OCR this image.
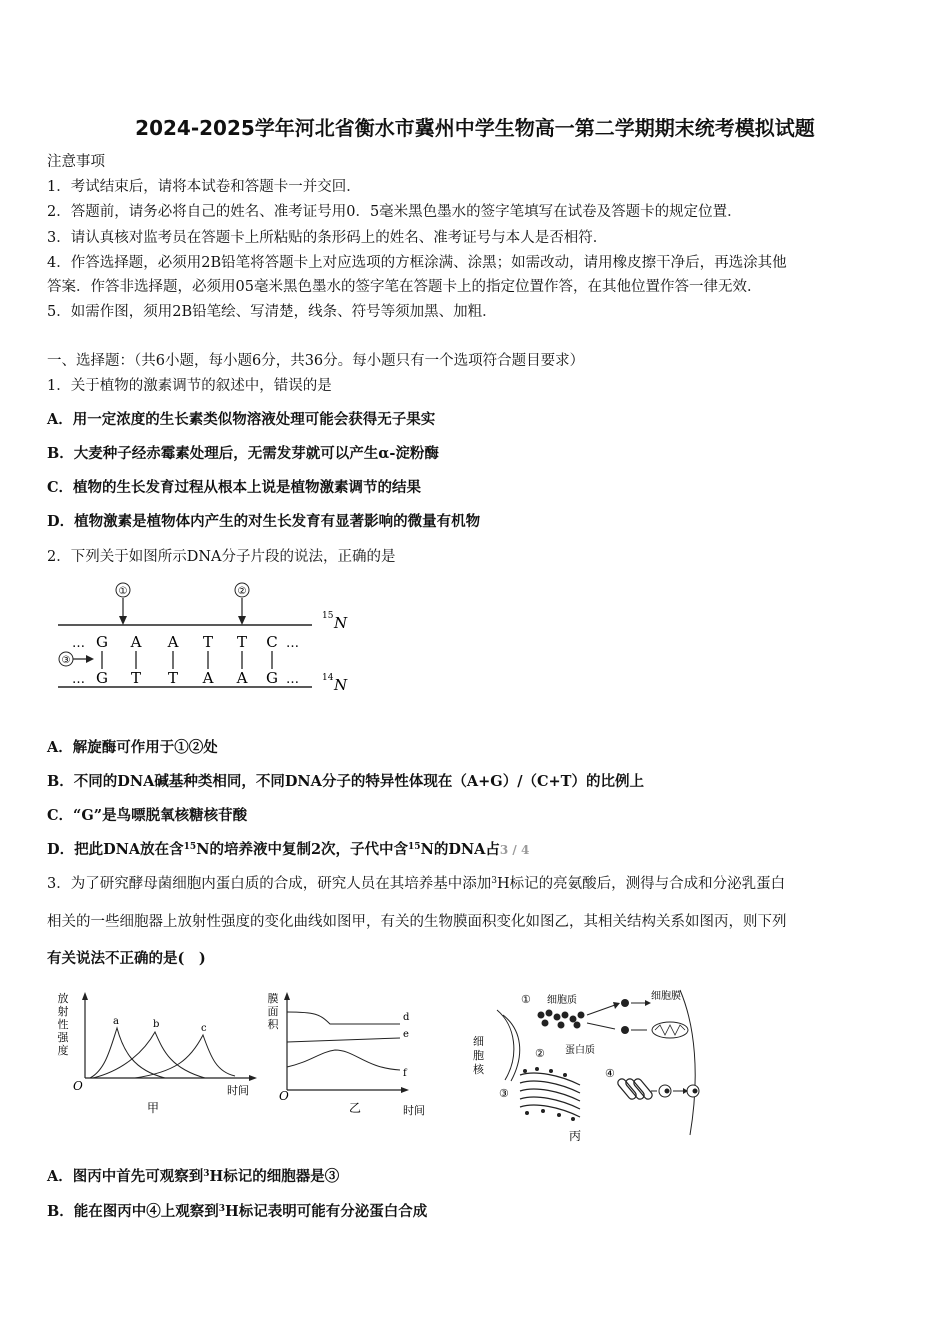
2024-2025学年河北省衡水市冀州中学生物高一第二学期期末统考模拟试题
注意事项
1．考试结束后，请将本试卷和答题卡一并交回．
2．答题前，请务必将自己的姓名、准考证号用0．5毫米黑色墨水的签字笔填写在试卷及答题卡的规定位置．
3．请认真核对监考员在答题卡上所粘贴的条形码上的姓名、准考证号与本人是否相符．
4．作答选择题，必须用2B铅笔将答题卡上对应选项的方框涂满、涂黑；如需改动，请用橡皮擦干净后，再选涂其他
答案．作答非选择题，必须用05毫米黑色墨水的签字笔在答题卡上的指定位置作答，在其他位置作答一律无效．
5．如需作图，须用2B铅笔绘、写清楚，线条、符号等须加黑、加粗．
一、选择题：（共6小题，每小题6分，共36分。每小题只有一个选项符合题目要求）
1．关于植物的激素调节的叙述中，错误的是
A．用一定浓度的生长素类似物溶液处理可能会获得无子果实
B．大麦种子经赤霉素处理后，无需发芽就可以产生α-淀粉酶
C．植物的生长发育过程从根本上说是植物激素调节的结果
D．植物激素是植物体内产生的对生长发育有显著影响的微量有机物
2．下列关于如图所示DNA分子片段的说法，正确的是
①	②
…
…
…
…
G A A T T C
G T T A A G
③
15 N
14 N
A．解旋酶可作用于①②处
B．不同的DNA碱基种类相同，不同DNA分子的特异性体现在（A+G）/（C+T）的比例上
C．“G”是鸟嘌脱氧核糖核苷酸
D．把此DNA放在含$^{15}$N的培养液中复制2次，子代中含$^{15}$N的DNA占3 / 4
3．为了研究酵母菌细胞内蛋白质的合成，研究人员在其培养基中添加$^3$H标记的亮氨酸后，测得与合成和分泌乳蛋白
相关的一些细胞器上放射性强度的变化曲线如图甲，有关的生物膜面积变化如图乙，其相关结构关系如图丙，则下列
有关说法不正确的是(　)
放
射
性
强
度
O	时间
a	b	c
甲
膜
面
积
O
时间
d
e
f
乙
① 细胞质	细胞膜
细
胞
核
② 蛋白质
③
④
丙
A．图丙中首先可观察到$^3$H标记的细胞器是③
B．能在图丙中④上观察到$^3$H标记表明可能有分泌蛋白合成
